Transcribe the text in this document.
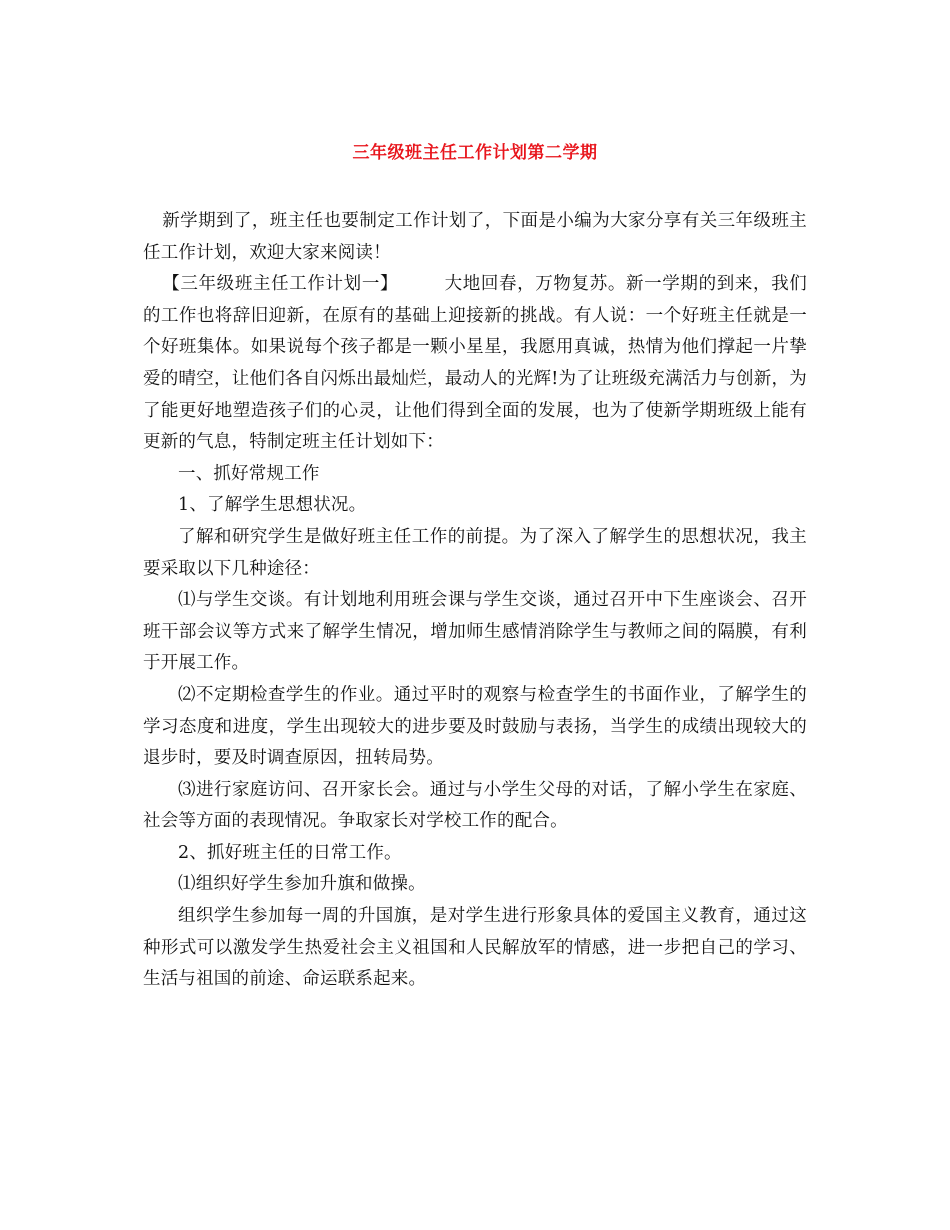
三年级班主任工作计划第二学期

新学期到了，班主任也要制定工作计划了，下面是小编为大家分享有关三年级班主任工作计划，欢迎大家来阅读！

【三年级班主任工作计划一】	大地回春，万物复苏。新一学期的到来，我们的工作也将辞旧迎新，在原有的基础上迎接新的挑战。有人说：一个好班主任就是一个好班集体。如果说每个孩子都是一颗小星星，我愿用真诚，热情为他们撑起一片挚爱的晴空，让他们各自闪烁出最灿烂，最动人的光辉!为了让班级充满活力与创新，为了能更好地塑造孩子们的心灵，让他们得到全面的发展，也为了使新学期班级上能有更新的气息，特制定班主任计划如下：

一、抓好常规工作

1、了解学生思想状况。

了解和研究学生是做好班主任工作的前提。为了深入了解学生的思想状况，我主要采取以下几种途径：

⑴与学生交谈。有计划地利用班会课与学生交谈，通过召开中下生座谈会、召开班干部会议等方式来了解学生情况，增加师生感情消除学生与教师之间的隔膜，有利于开展工作。

⑵不定期检查学生的作业。通过平时的观察与检查学生的书面作业，了解学生的学习态度和进度，学生出现较大的进步要及时鼓励与表扬，当学生的成绩出现较大的退步时，要及时调查原因，扭转局势。

⑶进行家庭访问、召开家长会。通过与小学生父母的对话，了解小学生在家庭、社会等方面的表现情况。争取家长对学校工作的配合。

2、抓好班主任的日常工作。

⑴组织好学生参加升旗和做操。

组织学生参加每一周的升国旗，是对学生进行形象具体的爱国主义教育，通过这种形式可以激发学生热爱社会主义祖国和人民解放军的情感，进一步把自己的学习、生活与祖国的前途、命运联系起来。
